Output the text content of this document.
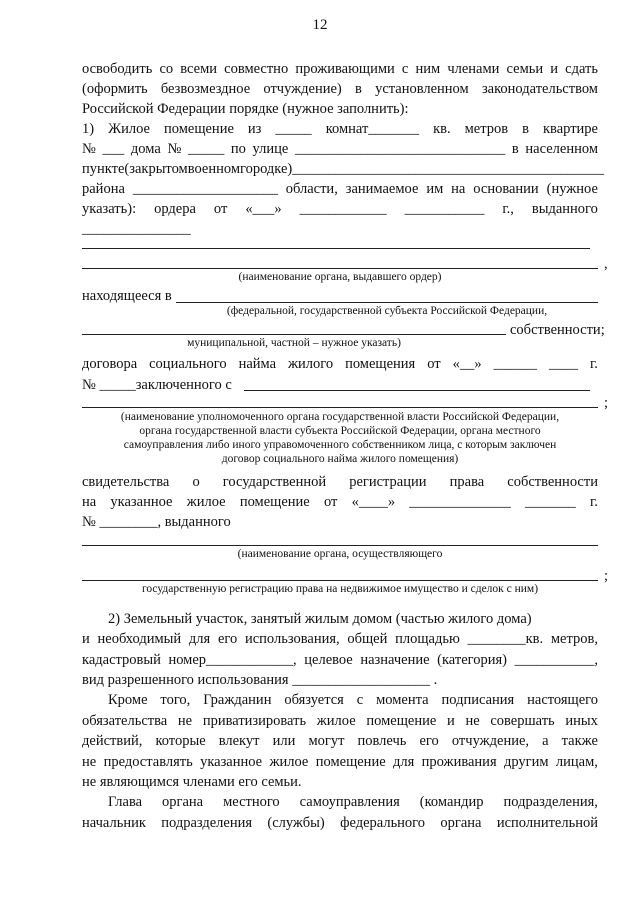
12
освободить со всеми совместно проживающими с ним членами семьи и сдать
(оформить безвозмездное отчуждение) в установленном законодательством
Российской Федерации порядке (нужное заполнить):
1) Жилое помещение из _____ комнат_______ кв. метров в квартире
№ ___ дома № _____ по улице _____________________________ в населенном
пункте (закрытом военном городке)___________________________________________
района ____________________ области, занимаемое им на основании (нужное
указать): ордера от «___» ____________ ___________ г., выданного
_______________
,
(наименование органа, выдавшего ордер)
находящееся в
(федеральной, государственной субъекта Российской Федерации,
собственности;
муниципальной, частной – нужное указать)
договора социального найма жилого помещения от «__» ______ ____ г.
№ _____заключенного с
;
(наименование уполномоченного органа государственной власти Российской Федерации,
органа государственной власти субъекта Российской Федерации, органа местного
самоуправления либо иного управомоченного собственником лица, с которым заключен
договор социального найма жилого помещения)
свидетельства о государственной регистрации права собственности
на указанное жилое помещение от «____» ______________ _______ г.
№ ________, выданного
(наименование органа, осуществляющего
;
государственную регистрацию права на недвижимое имущество и сделок с ним)
2) Земельный участок, занятый жилым домом (частью жилого дома)
и необходимый для его использования, общей площадью ________кв. метров,
кадастровый номер____________, целевое назначение (категория) ___________,
вид разрешенного использования ___________________ .
Кроме того, Гражданин обязуется с момента подписания настоящего
обязательства не приватизировать жилое помещение и не совершать иных
действий, которые влекут или могут повлечь его отчуждение, а также
не предоставлять указанное жилое помещение для проживания другим лицам,
не являющимся членами его семьи.
Глава органа местного самоуправления (командир подразделения,
начальник подразделения (службы) федерального органа исполнительной
